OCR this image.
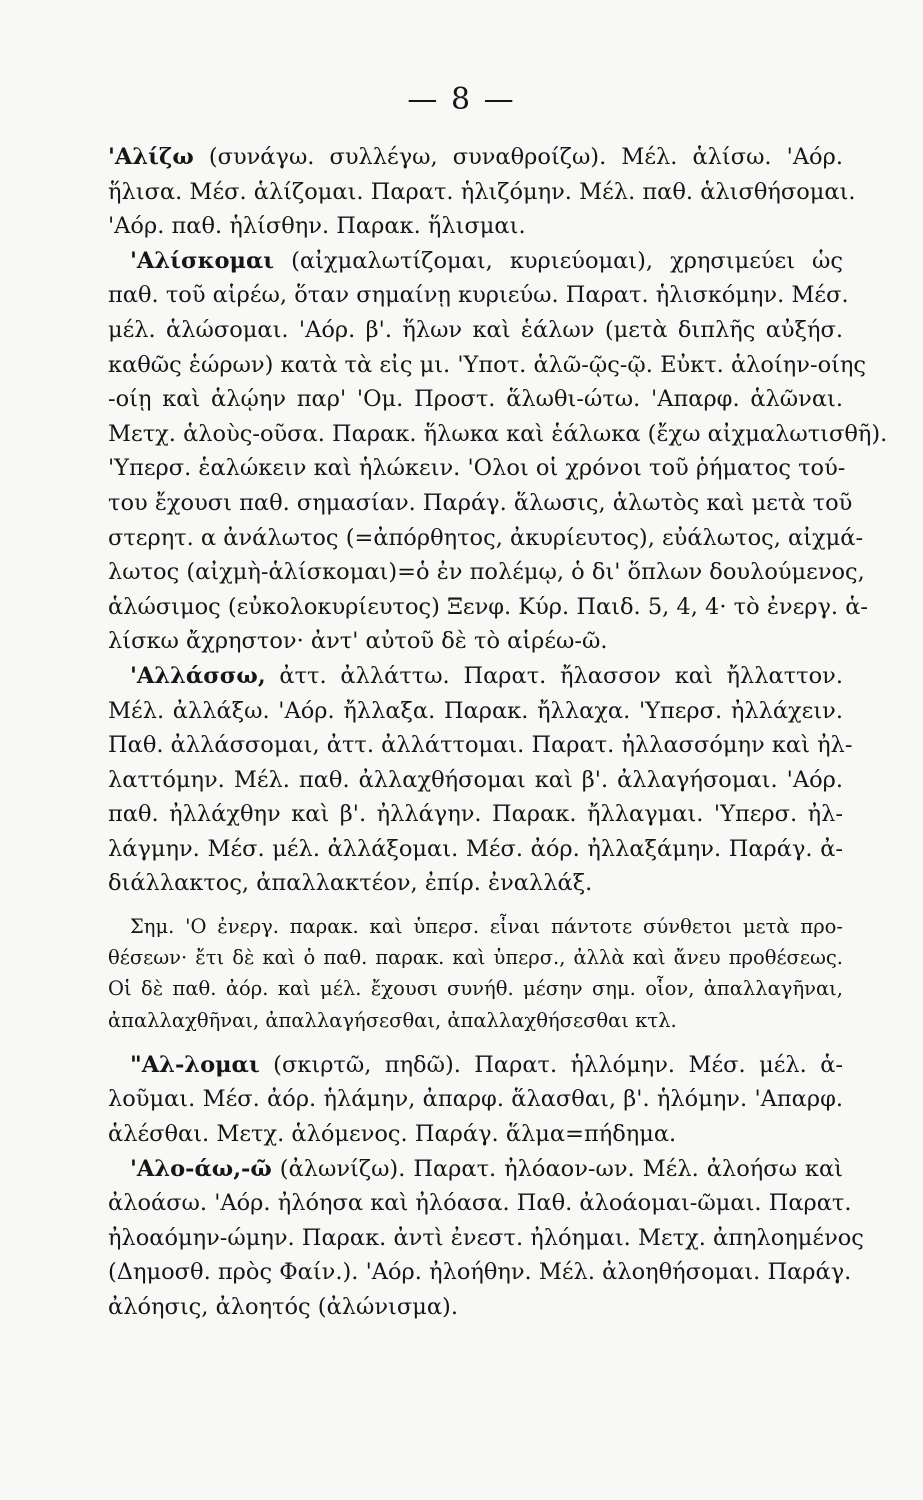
— 8 —
'Αλίζω (συνάγω. συλλέγω, συναθροίζω). Μέλ. ἁλίσω. 'Αόρ.
ἥλισα. Μέσ. ἁλίζομαι. Παρατ. ἡλιζόμην. Μέλ. παθ. ἁλισθήσομαι.
'Αόρ. παθ. ἡλίσθην. Παρακ. ἥλισμαι.
'Αλίσκομαι (αἰχμαλωτίζομαι, κυριεύομαι), χρησιμεύει ὡς
παθ. τοῦ αἱρέω, ὅταν σημαίνῃ κυριεύω. Παρατ. ἡλισκόμην. Μέσ.
μέλ. ἁλώσομαι. 'Αόρ. β'. ἥλων καὶ ἑάλων (μετὰ διπλῆς αὐξήσ.
καθῶς ἑώρων) κατὰ τὰ εἰς μι. 'Υποτ. ἁλῶ-ῷς-ῷ. Εὐκτ. ἁλοίην-οίης
-οίῃ καὶ ἁλῴην παρ' 'Ομ. Προστ. ἅλωθι-ώτω. 'Απαρφ. ἁλῶναι.
Μετχ. ἁλοὺς-οῦσα. Παρακ. ἥλωκα καὶ ἑάλωκα (ἔχω αἰχμαλωτισθῆ).
'Υπερσ. ἑαλώκειν καὶ ἡλώκειν. 'Ολοι οἱ χρόνοι τοῦ ῥήματος τού-
του ἔχουσι παθ. σημασίαν. Παράγ. ἅλωσις, ἁλωτὸς καὶ μετὰ τοῦ
στερητ. α ἀνάλωτος (=ἀπόρθητος, ἀκυρίευτος), εὐάλωτος, αἰχμά-
λωτος (αἰχμὴ-ἁλίσκομαι)=ὁ ἐν πολέμῳ, ὁ δι' ὅπλων δουλούμενος,
ἁλώσιμος (εὐκολοκυρίευτος) Ξενφ. Κύρ. Παιδ. 5, 4, 4· τὸ ἐνεργ. ἁ-
λίσκω ἄχρηστον· ἀντ' αὐτοῦ δὲ τὸ αἱρέω-ῶ.
'Αλλάσσω, ἀττ. ἀλλάττω. Παρατ. ἤλασσον καὶ ἤλλαττον.
Μέλ. ἀλλάξω. 'Αόρ. ἤλλαξα. Παρακ. ἤλλαχα. 'Υπερσ. ἠλλάχειν.
Παθ. ἀλλάσσομαι, ἀττ. ἀλλάττομαι. Παρατ. ἠλλασσόμην καὶ ἠλ-
λαττόμην. Μέλ. παθ. ἀλλαχθήσομαι καὶ β'. ἀλλαγήσομαι. 'Αόρ.
παθ. ἠλλάχθην καὶ β'. ἠλλάγην. Παρακ. ἤλλαγμαι. 'Υπερσ. ἠλ-
λάγμην. Μέσ. μέλ. ἀλλάξομαι. Μέσ. ἀόρ. ἠλλαξάμην. Παράγ. ἀ-
διάλλακτος, ἀπαλλακτέον, ἐπίρ. ἐναλλάξ.
Σημ. 'Ο ἐνεργ. παρακ. καὶ ὑπερσ. εἶναι πάντοτε σύνθετοι μετὰ προ-
θέσεων· ἔτι δὲ καὶ ὁ παθ. παρακ. καὶ ὑπερσ., ἀλλὰ καὶ ἄνευ προθέσεως.
Οἱ δὲ παθ. ἀόρ. καὶ μέλ. ἔχουσι συνήθ. μέσην σημ. οἷον, ἀπαλλαγῆναι,
ἀπαλλαχθῆναι, ἀπαλλαγήσεσθαι, ἀπαλλαχθήσεσθαι κτλ.
"Αλ-λομαι (σκιρτῶ, πηδῶ). Παρατ. ἡλλόμην. Μέσ. μέλ. ἁ-
λοῦμαι. Μέσ. ἀόρ. ἡλάμην, ἀπαρφ. ἅλασθαι, β'. ἡλόμην. 'Απαρφ.
ἁλέσθαι. Μετχ. ἁλόμενος. Παράγ. ἅλμα=πήδημα.
'Αλο-άω,-ῶ (ἀλωνίζω). Παρατ. ἠλόαον-ων. Μέλ. ἀλοήσω καὶ
ἀλοάσω. 'Αόρ. ἠλόησα καὶ ἠλόασα. Παθ. ἀλοάομαι-ῶμαι. Παρατ.
ἠλοαόμην-ώμην. Παρακ. ἀντὶ ἐνεστ. ἠλόημαι. Μετχ. ἀπηλοημένος
(Δημοσθ. πρὸς Φαίν.). 'Αόρ. ἠλοήθην. Μέλ. ἀλοηθήσομαι. Παράγ.
ἀλόησις, ἀλοητός (ἀλώνισμα).
